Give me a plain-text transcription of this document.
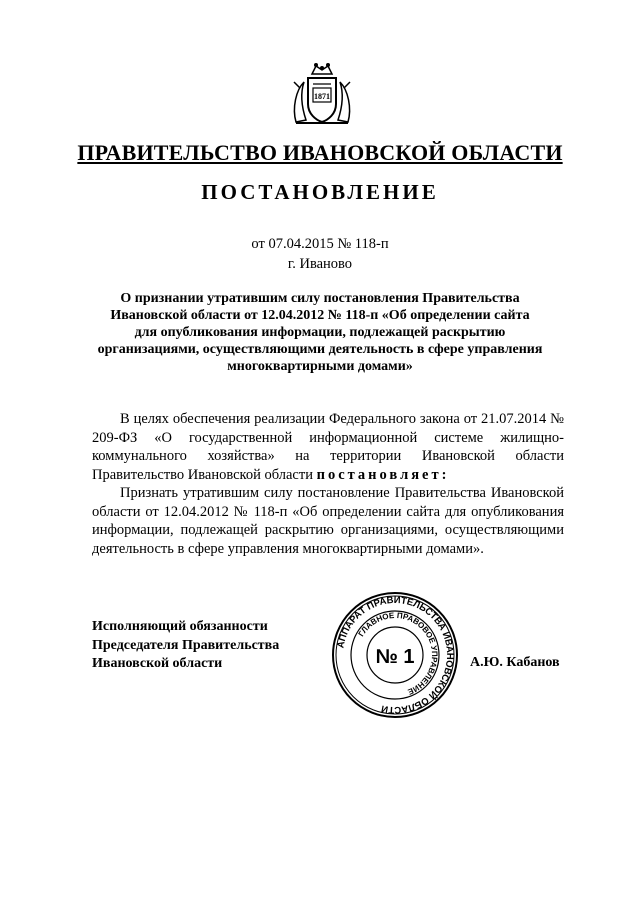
1871
ПРАВИТЕЛЬСТВО ИВАНОВСКОЙ ОБЛАСТИ
ПОСТАНОВЛЕНИЕ
от 07.04.2015 № 118-п
г. Иваново
О признании утратившим силу постановления Правительства
Ивановской области от 12.04.2012 № 118-п «Об определении сайта
для опубликования информации, подлежащей раскрытию
организациями, осуществляющими деятельность в сфере управления
многоквартирными домами»

В целях обеспечения реализации Федерального закона от 21.07.2014 № 209-ФЗ «О государственной информационной системе жилищно-коммунального хозяйства» на территории Ивановской области Правительство Ивановской области постановляет:

Признать утратившим силу постановление Правительства Ивановской области от 12.04.2012 № 118-п «Об определении сайта для опубликования информации, подлежащей раскрытию организациями, осуществляющими деятельность в сфере управления многоквартирными домами».

Исполняющий обязанности
Председателя Правительства
Ивановской области
АППАРАТ ПРАВИТЕЛЬСТВА ИВАНОВСКОЙ ОБЛАСТИ
ГЛАВНОЕ ПРАВОВОЕ УПРАВЛЕНИЕ
№ 1	А.Ю. Кабанов
